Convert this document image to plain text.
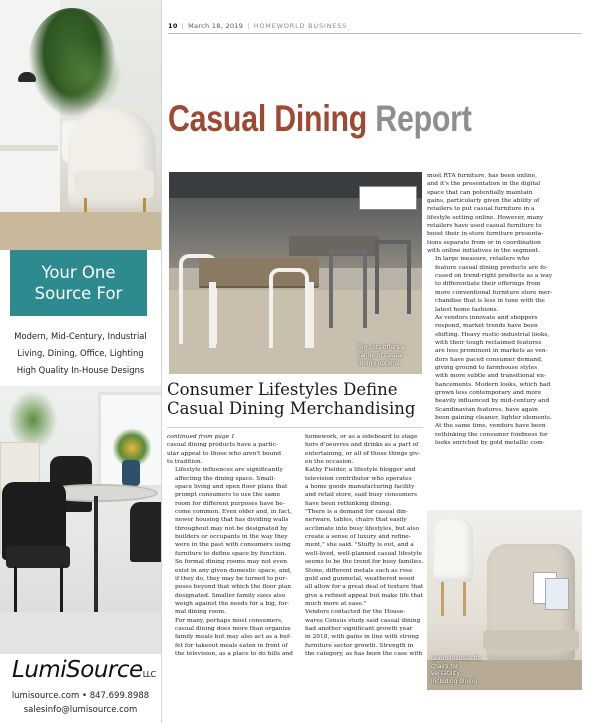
Your One
Source For
Modern, Mid-Century, Industrial
Living, Dining, Office, Lighting
High Quality In-House Designs
LumiSourceLLC
lumisource.com • 847.699.8988
salesinfo@lumisource.com
10 | March 18, 2019 | HOMEWORLD BUSINESS
Casual Dining Report
Big Lots offers a range of casual dining options.
Consumer Lifestyles Define
Casual Dining Merchandising

continued from page 1
casual dining products have a partic-
ular appeal to those who aren't bound
to tradition.

Lifestyle influences are significantly
affecting the dining space. Small-
space living and open floor plans that
prompt consumers to use the same
room for different purposes have be-
come common. Even older and, in fact,
newer housing that has dividing walls
throughout may not be designated by
builders or occupants in the way they
were in the past with consumers using
furniture to define space by function.
So formal dining rooms may not even
exist in any given domestic space, and,
if they do, they may be turned to pur-
poses beyond that which the floor plan
designated. Smaller family sizes also
weigh against the needs for a big, for-
mal dining room.

For many, perhaps most consumers,
casual dining does more than organize
family meals but may also act as a buf-
fet for takeout meals eaten in front of
the television, as a place to do bills and

homework, or as a sideboard to stage
hors d'oeuvres and drinks as a part of
entertaining, or all of those things giv-
en the occasion.

Kathy Fielder, a lifestyle blogger and
television contributor who operates
a home goods manufacturing facility
and retail store, said busy consumers
have been rethinking dining.

"There is a demand for casual din-
nerware, tables, chairs that easily
acclimate into busy lifestyles, but also
create a sense of luxury and refine-
ment," she said. "Stuffy is out, and a
well-lived, well-planned casual lifestyle
seems to be the trend for busy families.
Stone, different metals such as rose
gold and gunmetal, weathered wood
all allow for a great deal of texture that
give a refined appeal but make life that
much more at ease."

Vendors contacted for the House-
wares Census study said casual dining
had another significant growth year
in 2018, with gains in line with strong
furniture sector growth. Strength in
the category, as has been the case with

most RTA furniture, has been online,
and it's the presentation in the digital
space that can potentially maintain
gains, particularly given the ability of
retailers to put casual furniture in a
lifestyle setting online. However, many
retailers have used casual furniture to
boost their in-store furniture presenta-
tions separate from or in coordination
with online initiatives in the segment.

In large measure, retailers who
feature casual dining products are fo-
cused on trend-right products as a way
to differentiate their offerings from
more conventional furniture store mer-
chandise that is less in tune with the
latest home fashions.

As vendors innovate and shoppers
respond, market trends have been
shifting. Heavy rustic-industrial looks,
with their tough reclaimed features
are less prominent in markets as ven-
dors have paced consumer demand,
giving ground to farmhouse styles
with more subtle and transitional en-
hancements. Modern looks, which had
grown less contemporary and more
heavily influenced by mid-century and
Scandinavian features, have again
been gaining cleaner, lighter elements.
At the same time, vendors have been
rethinking the consumer fondness for
looks enriched by gold metallic com-

Lexon focuses its chairs for versatility, including dining.
